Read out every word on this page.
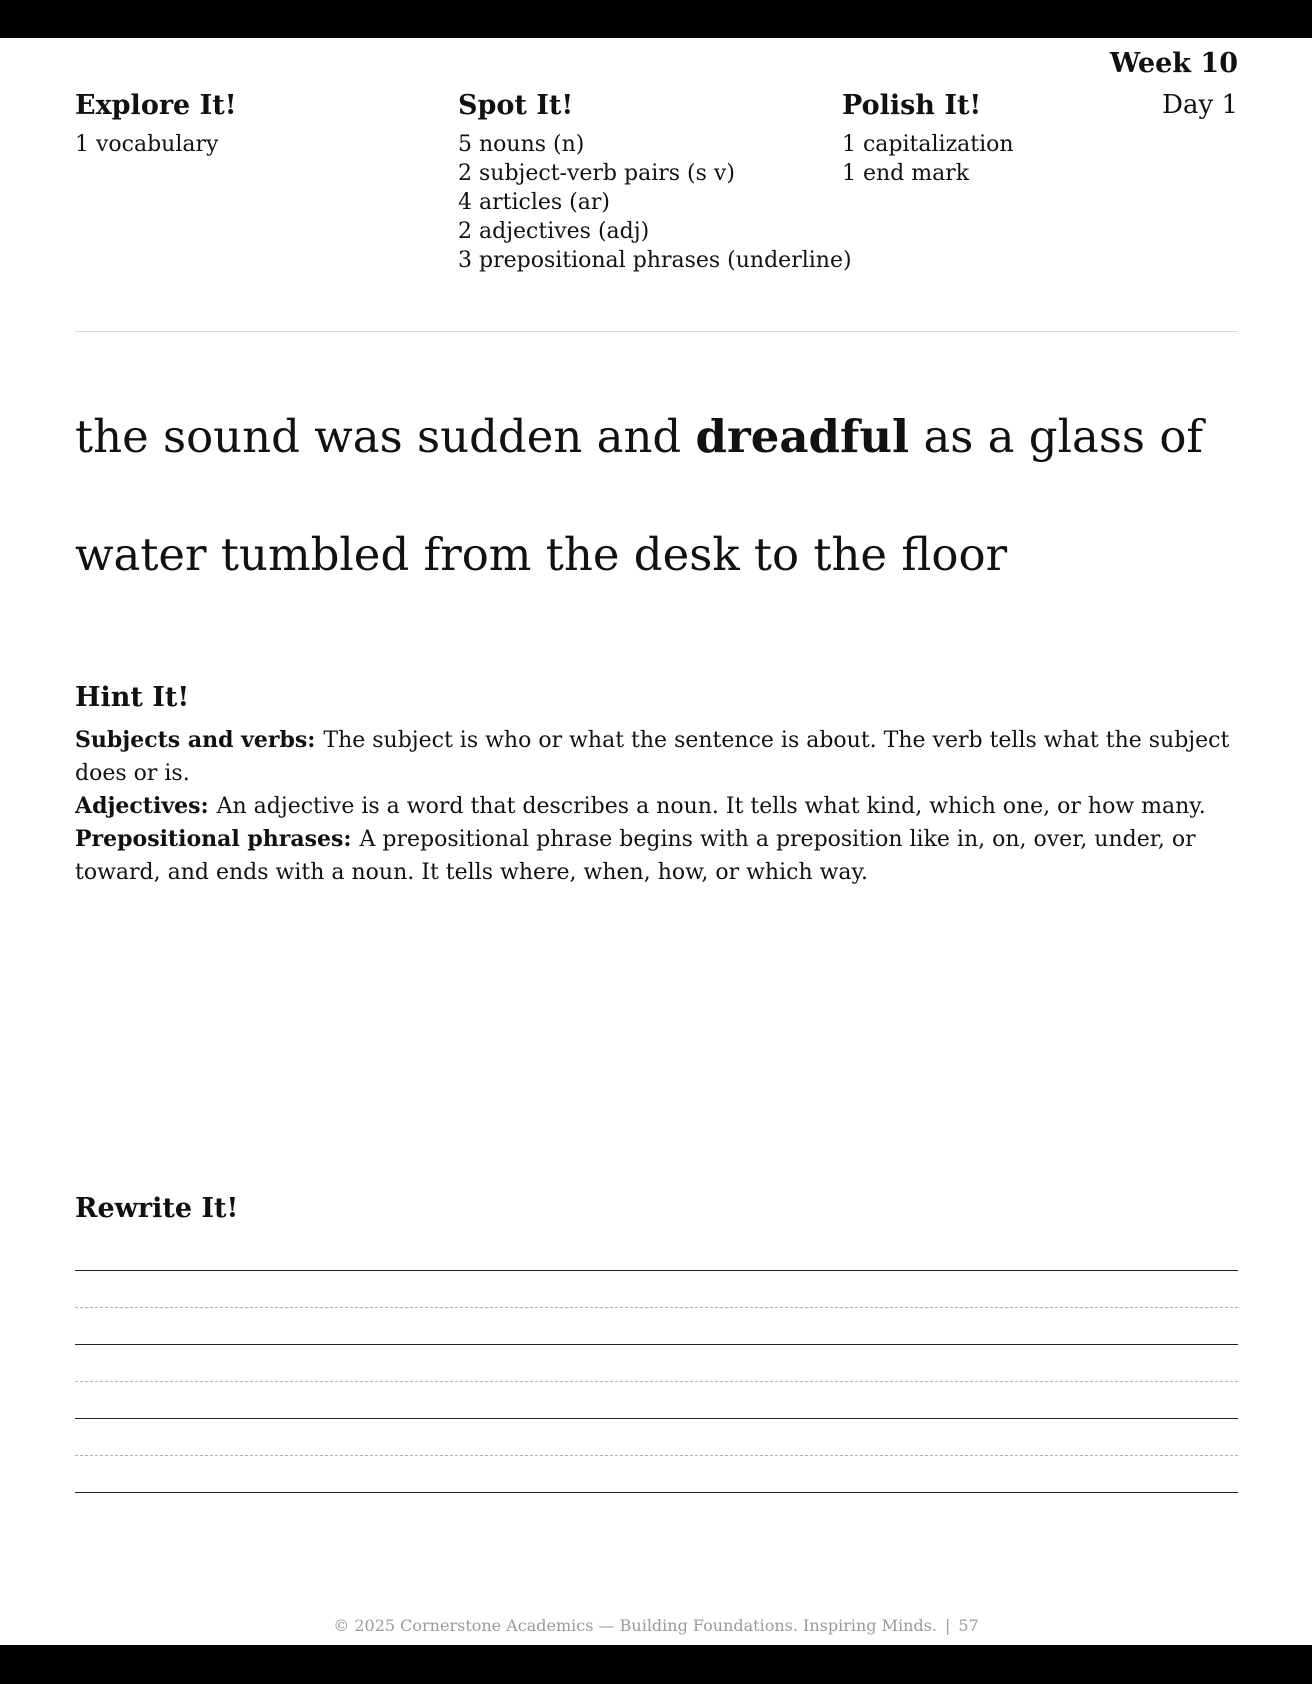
Week 10
Day 1
Explore It!

1 vocabulary

Spot It!

5 nouns (n)

2 subject-verb pairs (s v)

4 articles (ar)

2 adjectives (adj)

3 prepositional phrases (underline)

Polish It!

1 capitalization

1 end mark

the sound was sudden and dreadful as a glass of water tumbled from the desk to the floor
Hint It!

Subjects and verbs: The subject is who or what the sentence is about. The verb tells what the subject does or is.

Adjectives: An adjective is a word that describes a noun. It tells what kind, which one, or how many.

Prepositional phrases: A prepositional phrase begins with a preposition like in, on, over, under, or toward, and ends with a noun. It tells where, when, how, or which way.

Rewrite It!
© 2025 Cornerstone Academics — Building Foundations. Inspiring Minds. | 57
